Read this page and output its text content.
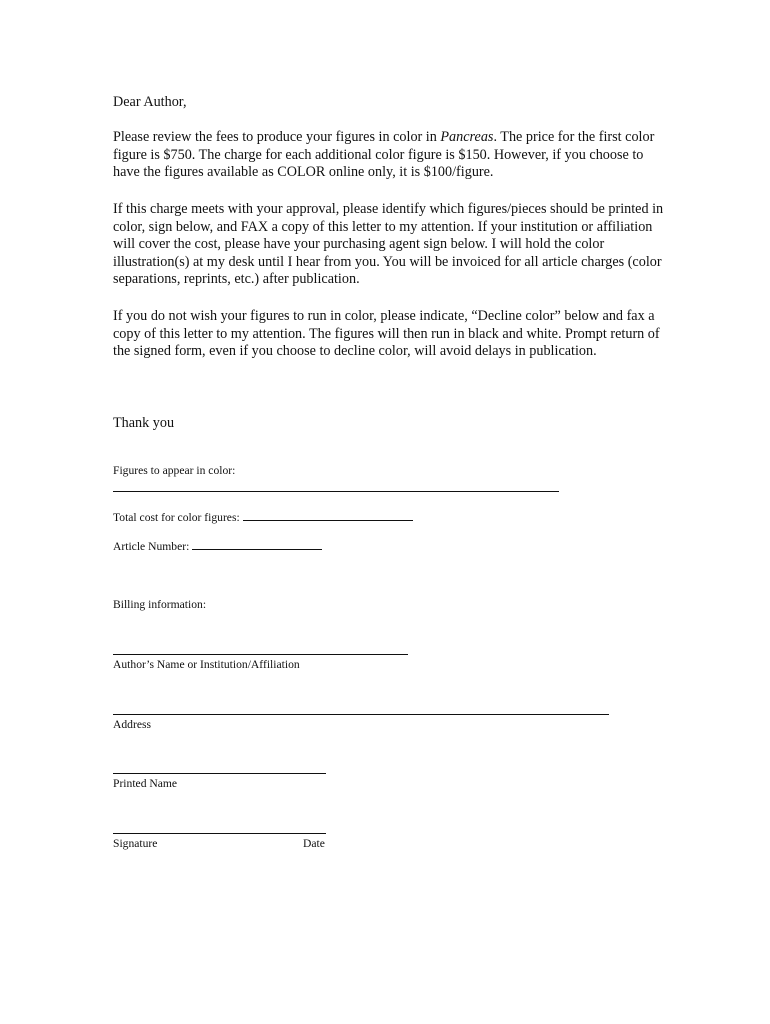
Dear Author,

Please review the fees to produce your figures in color in Pancreas. The price for the first color figure is $750. The charge for each additional color figure is $150. However, if you choose to have the figures available as COLOR online only, it is $100/figure.

If this charge meets with your approval, please identify which figures/pieces should be printed in color, sign below, and FAX a copy of this letter to my attention. If your institution or affiliation will cover the cost, please have your purchasing agent sign below. I will hold the color illustration(s) at my desk until I hear from you. You will be invoiced for all article charges (color separations, reprints, etc.) after publication.

If you do not wish your figures to run in color, please indicate, “Decline color” below and fax a copy of this letter to my attention. The figures will then run in black and white. Prompt return of the signed form, even if you choose to decline color, will avoid delays in publication.

Thank you

Figures to appear in color:

Total cost for color figures:

Article Number:

Billing information:

Author’s Name or Institution/Affiliation

Address

Printed Name

Signature	Date
